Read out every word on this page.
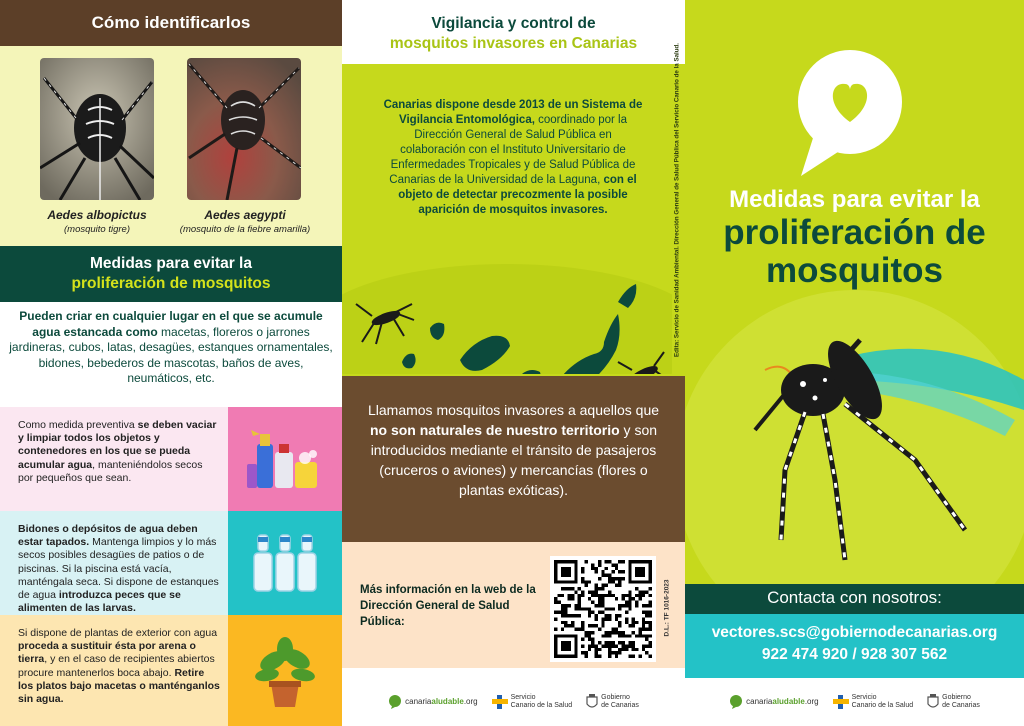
Cómo identificarlos
Aedes albopictus
(mosquito tigre)
Aedes aegypti
(mosquito de la fiebre amarilla)
Medidas para evitar la
proliferación de mosquitos
Pueden criar en cualquier lugar en el que se acumule agua estancada como macetas, floreros o jarrones jardineras, cubos, latas, desagües, estanques ornamentales, bidones, bebederos de mascotas, baños de aves, neumáticos, etc.
Como medida preventiva se deben vaciar y limpiar todos los objetos y contenedores en los que se pueda acumular agua, manteniéndolos secos por pequeños que sean.
Bidones o depósitos de agua deben estar tapados. Mantenga limpios y lo más secos posibles desagües de patios o de piscinas. Si la piscina está vacía, manténgala seca. Si dispone de estanques de agua introduzca peces que se alimenten de las larvas.
Si dispone de plantas de exterior con agua proceda a sustituir ésta por arena o tierra, y en el caso de recipientes abiertos procure mantenerlos boca abajo. Retire los platos bajo macetas o manténganlos sin agua.
Vigilancia y control de
mosquitos invasores en Canarias
Canarias dispone desde 2013 de un Sistema de Vigilancia Entomológica, coordinado por la Dirección General de Salud Pública en colaboración con el Instituto Universitario de Enfermedades Tropicales y de Salud Pública de Canarias de la Universidad de la Laguna, con el objeto de detectar precozmente la posible aparición de mosquitos invasores.	Edita: Servicio de Sanidad Ambiental. Dirección General de Salud Pública del Servicio Canario de la Salud.
Llamamos mosquitos invasores a aquellos que no son naturales de nuestro territorio y son introducidos mediante el tránsito de pasajeros (cruceros o aviones) y mercancías (flores o plantas exóticas).
Más información en la web de la Dirección General de Salud Pública:	D.L.: TF 1016-2023
canariaaludable.org	Servicio
Canario de la Salud
Gobierno
de Canarias
Medidas para evitar la
proliferación de
mosquitos
Contacta con nosotros:
vectores.scs@gobiernodecanarias.org
922 474 920 / 928 307 562
canariaaludable.org	Servicio
Canario de la Salud
Gobierno
de Canarias
